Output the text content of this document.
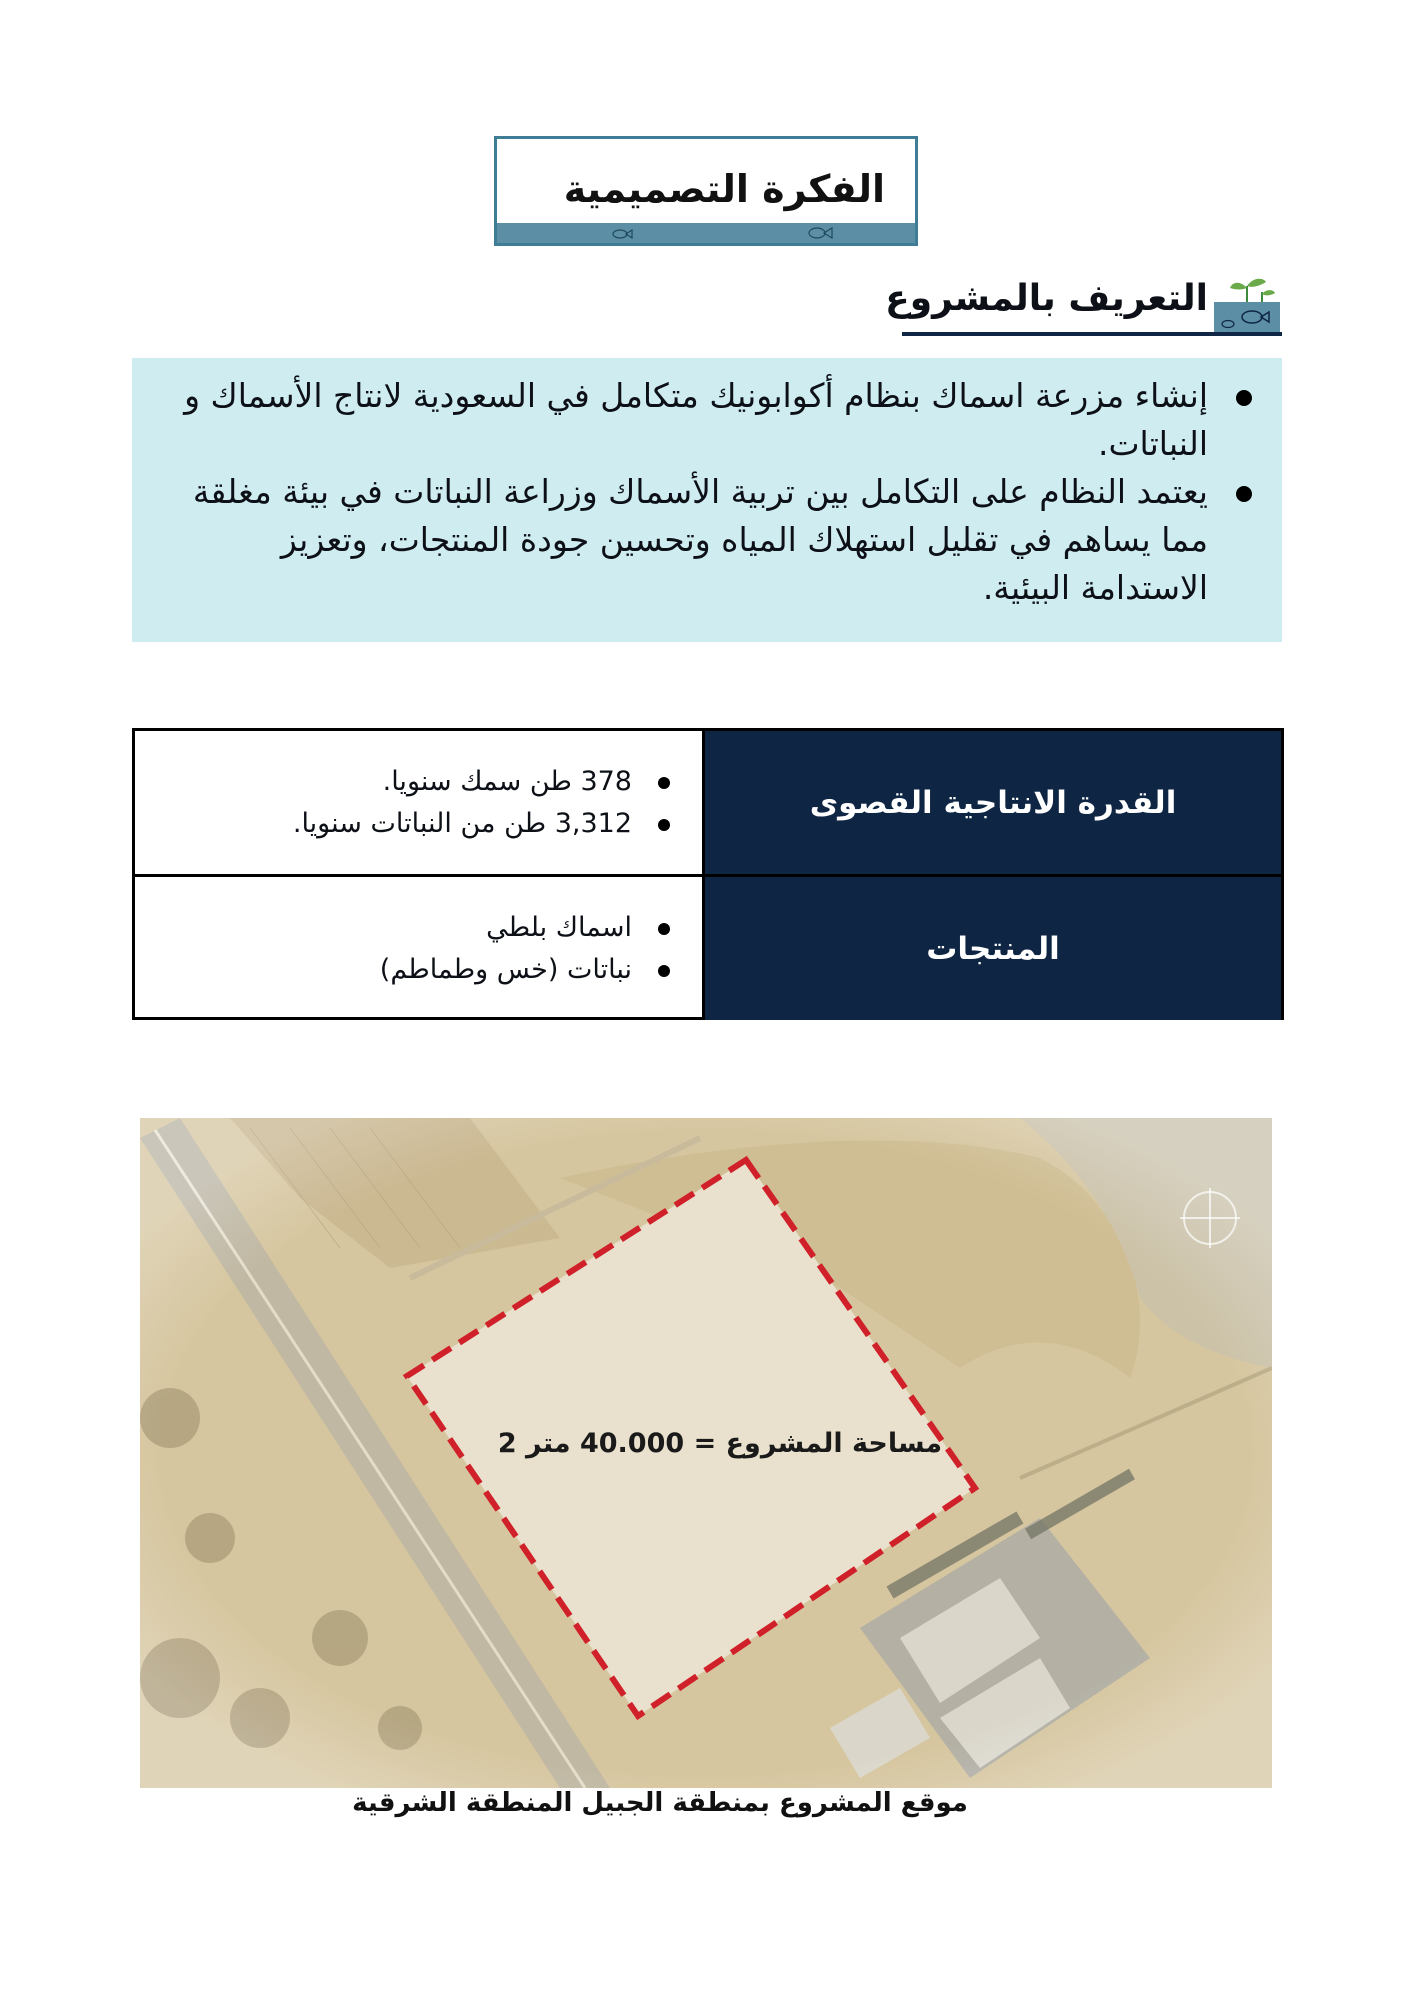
الفكرة التصميمية
التعريف بالمشروع
إنشاء مزرعة اسماك بنظام أكوابونيك متكامل في السعودية لانتاج الأسماك و النباتات.
يعتمد النظام على التكامل بين تربية الأسماك وزراعة النباتات في بيئة مغلقة مما يساهم في تقليل استهلاك المياه وتحسين جودة المنتجات، وتعزيز الاستدامة البيئية.
القدرة الانتاجية القصوى
378 طن سمك سنويا.
3,312 طن من النباتات سنويا.
المنتجات
اسماك بلطي
نباتات (خس وطماطم)
مساحة المشروع = 40.000 متر 2
موقع المشروع بمنطقة الجبيل المنطقة الشرقية
